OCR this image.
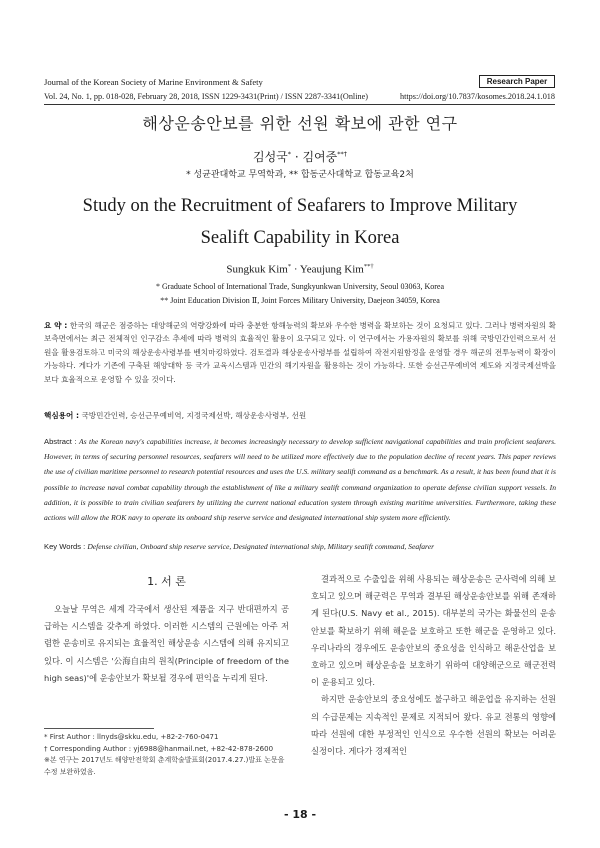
Journal of the Korean Society of Marine Environment & Safety	Research Paper
Vol. 24, No. 1, pp. 018-028, February 28, 2018, ISSN 1229-3431(Print) / ISSN 2287-3341(Online)	https://doi.org/10.7837/kosomes.2018.24.1.018
해상운송안보를 위한 선원 확보에 관한 연구
김성국* · 김여중**†
* 성균관대학교 무역학과, ** 합동군사대학교 합동교육2처
Study on the Recruitment of Seafarers to Improve Military Sealift Capability in Korea
Sungkuk Kim* · Yeaujung Kim**†
* Graduate School of International Trade, Sungkyunkwan University, Seoul 03063, Korea
** Joint Education Division Ⅱ, Joint Forces Military University, Daejeon 34059, Korea
요 약 : 한국의 해군은 점증하는 대양해군의 역량강화에 따라 충분한 항해능력의 확보와 우수한 병력을 확보하는 것이 요청되고 있다. 그러나 병력자원의 확보측면에서는 최근 전체적인 인구감소 추세에 따라 병력의 효율적인 활용이 요구되고 있다. 이 연구에서는 가용자원의 확보를 위해 국방민간인력으로서 선원을 활용검토하고 미국의 해상운송사령부를 벤치마킹하였다. 검토결과 해상운송사령부를 설립하여 작전지원함정을 운영할 경우 해군의 전투능력이 확장이 가능하다. 게다가 기존에 구축된 해양대학 등 국가 교육시스템과 민간의 해기자원을 활용하는 것이 가능하다. 또한 승선근무예비역 제도와 지정국제선박을 보다 효율적으로 운영할 수 있을 것이다.
핵심용어 : 국방민간인력, 승선근무예비역, 지정국제선박, 해상운송사령부, 선원
Abstract : As the Korean navy's capabilities increase, it becomes increasingly necessary to develop sufficient navigational capabilities and train proficient seafarers. However, in terms of securing personnel resources, seafarers will need to be utilized more effectively due to the population decline of recent years. This paper reviews the use of civilian maritime personnel to research potential resources and uses the U.S. military sealift command as a benchmark. As a result, it has been found that it is possible to increase naval combat capability through the establishment of like a military sealift command organization to operate defense civilian support vessels. In addition, it is possible to train civilian seafarers by utilizing the current national education system through existing maritime universities. Furthermore, taking these actions will allow the ROK navy to operate its onboard ship reserve service and designated international ship system more efficiently.
Key Words : Defense civilian, Onboard ship reserve service, Designated international ship, Military sealift command, Seafarer
1. 서 론

오늘날 무역은 세계 각국에서 생산된 제품을 지구 반대편까지 공급하는 시스템을 갖추게 하였다. 이러한 시스템의 근원에는 아주 저렴한 운송비로 유지되는 효율적인 해상운송 시스템에 의해 유지되고 있다. 이 시스템은 '公海自由의 원칙(Principle of freedom of the high seas)'에 운송안보가 확보될 경우에 편익을 누리게 된다.

결과적으로 수출입을 위해 사용되는 해상운송은 군사력에 의해 보호되고 있으며 해군력은 무역과 결부된 해상운송안보를 위해 존재하게 된다(U.S. Navy et al., 2015). 대부분의 국가는 화물선의 운송안보를 확보하기 위해 해운을 보호하고 또한 해군을 운영하고 있다. 우리나라의 경우에도 운송안보의 중요성을 인식하고 해운산업을 보호하고 있으며 해상운송을 보호하기 위하여 대양해군으로 해군전력이 운용되고 있다.

하지만 운송안보의 중요성에도 불구하고 해운업을 유지하는 선원의 수급문제는 지속적인 문제로 지적되어 왔다. 유교 전통의 영향에 따라 선원에 대한 부정적인 인식으로 우수한 선원의 확보는 어려운 실정이다. 게다가 경제적인

* First Author : llnyds@skku.edu, +82-2-760-0471
† Corresponding Author : yj6988@hanmail.net, +82-42-878-2600
※본 연구는 2017년도 해양안전학회 춘계학술발표회(2017.4.27.)발표 논문을 수정 보완하였음.
- 18 -
